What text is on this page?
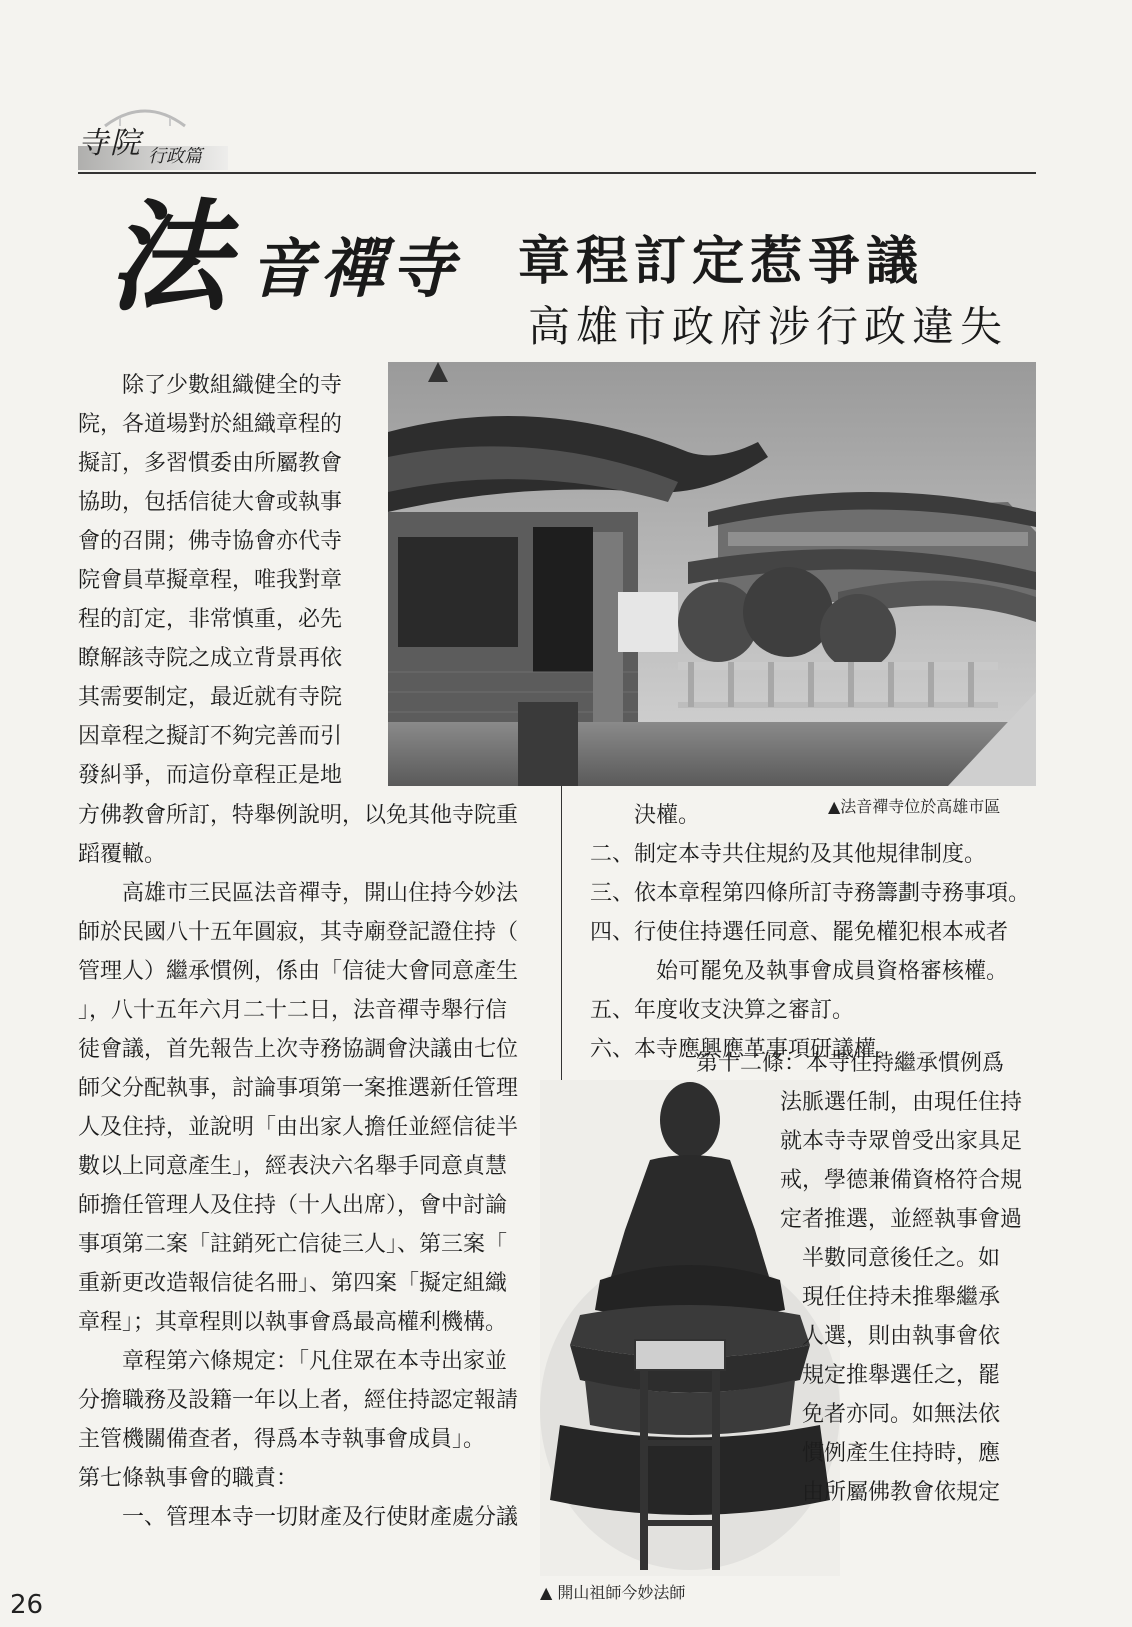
寺院 行政篇
法 音禪寺 章程訂定惹爭議
高雄市政府涉行政違失

除了少數組織健全的寺

院，各道場對於組織章程的

擬訂，多習慣委由所屬教會

協助，包括信徒大會或執事

會的召開；佛寺協會亦代寺

院會員草擬章程，唯我對章

程的訂定，非常慎重，必先

瞭解該寺院之成立背景再依

其需要制定，最近就有寺院

因章程之擬訂不夠完善而引

發糾爭，而這份章程正是地

▲法音禪寺位於高雄市區

方佛教會所訂，特舉例說明，以免其他寺院重

蹈覆轍。

　　高雄市三民區法音禪寺，開山住持今妙法

師於民國八十五年圓寂，其寺廟登記證住持（

管理人）繼承慣例，係由「信徒大會同意產生

」，八十五年六月二十二日，法音禪寺舉行信

徒會議，首先報告上次寺務協調會決議由七位

師父分配執事，討論事項第一案推選新任管理

人及住持，並說明「由出家人擔任並經信徒半

數以上同意產生」，經表決六名舉手同意貞慧

師擔任管理人及住持（十人出席），會中討論

事項第二案「註銷死亡信徒三人」、第三案「

重新更改造報信徒名冊」、第四案「擬定組織

章程」；其章程則以執事會爲最高權利機構。

　　章程第六條規定：「凡住眾在本寺出家並

分擔職務及設籍一年以上者，經住持認定報請

主管機關備查者，得爲本寺執事會成員」。

第七條執事會的職責：

　　一、管理本寺一切財產及行使財產處分議

　　決權。

二、制定本寺共住規約及其他規律制度。

三、依本章程第四條所訂寺務籌劃寺務事項。

四、行使住持選任同意、罷免權犯根本戒者

　　　始可罷免及執事會成員資格審核權。

五、年度收支決算之審訂。

六、本寺應興應革事項研議權。

第十二條：本寺住持繼承慣例爲

法脈選任制，由現任住持

就本寺寺眾曾受出家具足

戒，學德兼備資格符合規

定者推選，並經執事會過

　半數同意後任之。如

　現任住持未推舉繼承

　人選，則由執事會依

　規定推舉選任之，罷

　免者亦同。如無法依

　慣例產生住持時，應

　由所屬佛教會依規定

▲ 開山祖師今妙法師
26
